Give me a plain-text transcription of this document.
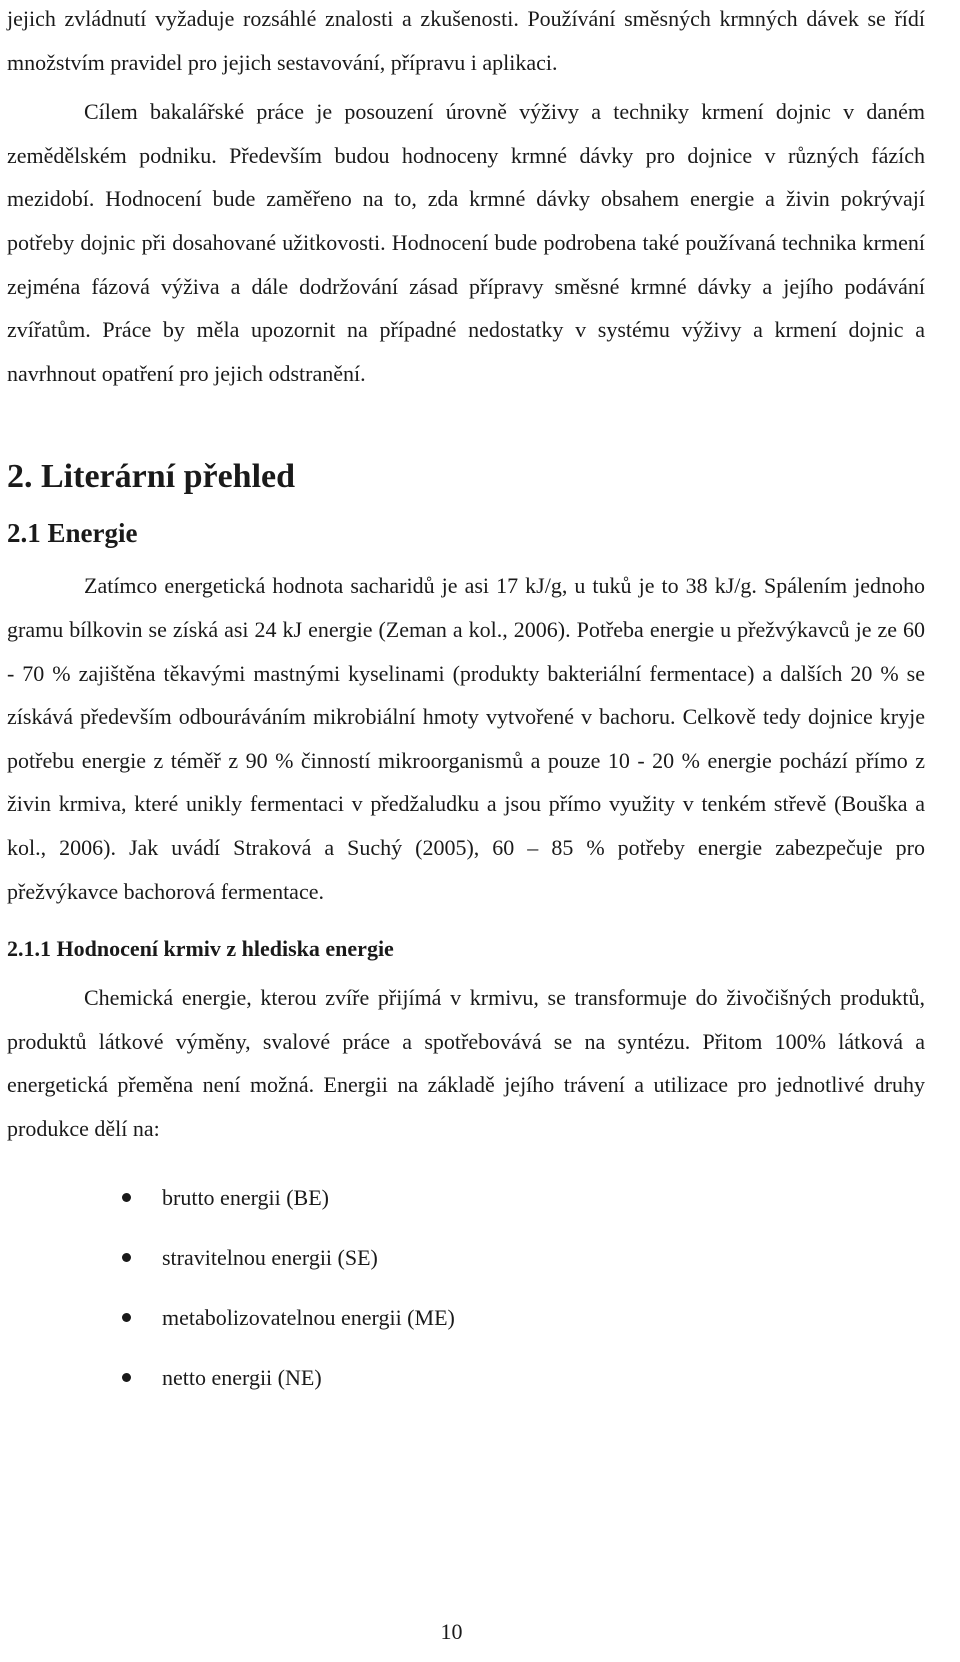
jejich zvládnutí vyžaduje rozsáhlé znalosti a zkušenosti. Používání směsných krmných dávek se řídí množstvím pravidel pro jejich sestavování, přípravu i aplikaci.

Cílem bakalářské práce je posouzení úrovně výživy a techniky krmení dojnic v daném zemědělském podniku. Především budou hodnoceny krmné dávky pro dojnice v různých fázích mezidobí. Hodnocení bude zaměřeno na to, zda krmné dávky obsahem energie a živin pokrývají potřeby dojnic při dosahované užitkovosti. Hodnocení bude podrobena také používaná technika krmení zejména fázová výživa a dále dodržování zásad přípravy směsné krmné dávky a jejího podávání zvířatům. Práce by měla upozornit na případné nedostatky v systému výživy a krmení dojnic a navrhnout opatření pro jejich odstranění.

2. Literární přehled
2.1 Energie

Zatímco energetická hodnota sacharidů je asi 17 kJ/g, u tuků je to 38 kJ/g. Spálením jednoho gramu bílkovin se získá asi 24 kJ energie (Zeman a kol., 2006). Potřeba energie u přežvýkavců je ze 60 - 70 % zajištěna těkavými mastnými kyselinami (produkty bakteriální fermentace) a dalších 20 % se získává především odbouráváním mikrobiální hmoty vytvořené v bachoru. Celkově tedy dojnice kryje potřebu energie z téměř z 90 % činností mikroorganismů a pouze 10 - 20 % energie pochází přímo z živin krmiva, které unikly fermentaci v předžaludku a jsou přímo využity v tenkém střevě (Bouška a kol., 2006). Jak uvádí Straková a Suchý (2005), 60 – 85 % potřeby energie zabezpečuje pro přežvýkavce bachorová fermentace.

2.1.1 Hodnocení krmiv z hlediska energie

Chemická energie, kterou zvíře přijímá v krmivu, se transformuje do živočišných produktů, produktů látkové výměny, svalové práce a spotřebovává se na syntézu. Přitom 100% látková a energetická přeměna není možná. Energii na základě jejího trávení a utilizace pro jednotlivé druhy produkce dělí na:

brutto energii (BE)
stravitelnou energii (SE)
metabolizovatelnou energii (ME)
netto energii (NE)
10
